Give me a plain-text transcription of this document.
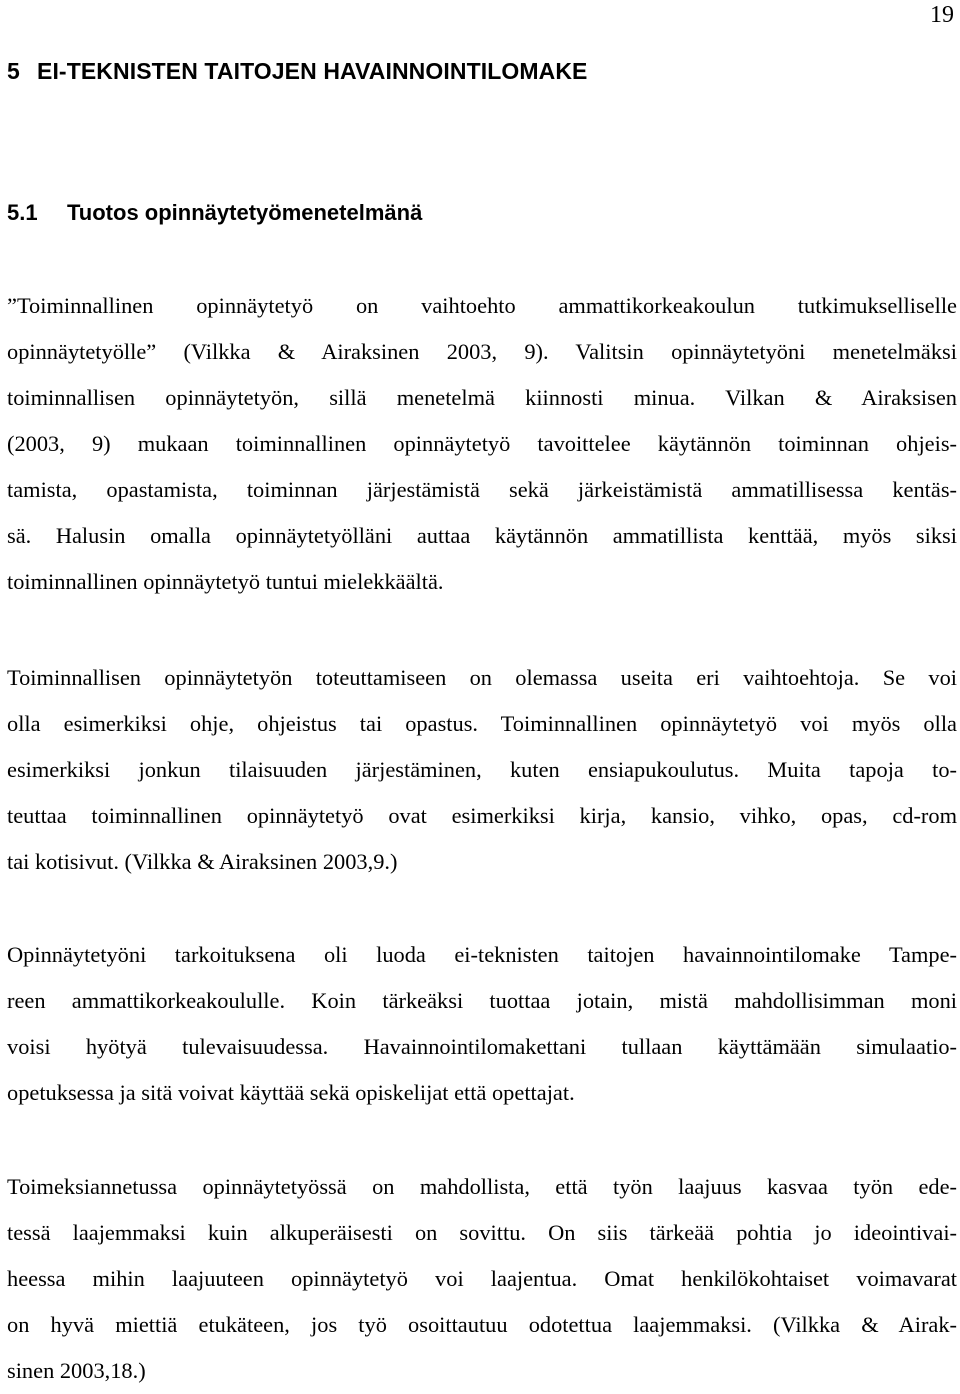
19
5 EI-TEKNISTEN TAITOJEN HAVAINNOINTILOMAKE
5.1 Tuotos opinnäytetyömenetelmänä
”Toiminnallinen opinnäytetyö on vaihtoehto ammattikorkeakoulun tutkimukselliselle
opinnäytetyölle” (Vilkka & Airaksinen 2003, 9). Valitsin opinnäytetyöni menetelmäksi
toiminnallisen opinnäytetyön, sillä menetelmä kiinnosti minua. Vilkan & Airaksisen
(2003, 9) mukaan toiminnallinen opinnäytetyö tavoittelee käytännön toiminnan ohjeis-
tamista, opastamista, toiminnan järjestämistä sekä järkeistämistä ammatillisessa kentäs-
sä. Halusin omalla opinnäytetyölläni auttaa käytännön ammatillista kenttää, myös siksi
toiminnallinen opinnäytetyö tuntui mielekkäältä.
Toiminnallisen opinnäytetyön toteuttamiseen on olemassa useita eri vaihtoehtoja. Se voi
olla esimerkiksi ohje, ohjeistus tai opastus. Toiminnallinen opinnäytetyö voi myös olla
esimerkiksi jonkun tilaisuuden järjestäminen, kuten ensiapukoulutus. Muita tapoja to-
teuttaa toiminnallinen opinnäytetyö ovat esimerkiksi kirja, kansio, vihko, opas, cd-rom
tai kotisivut. (Vilkka & Airaksinen 2003,9.)
Opinnäytetyöni tarkoituksena oli luoda ei-teknisten taitojen havainnointilomake Tampe-
reen ammattikorkeakoululle. Koin tärkeäksi tuottaa jotain, mistä mahdollisimman moni
voisi hyötyä tulevaisuudessa. Havainnointilomakettani tullaan käyttämään simulaatio-
opetuksessa ja sitä voivat käyttää sekä opiskelijat että opettajat.
Toimeksiannetussa opinnäytetyössä on mahdollista, että työn laajuus kasvaa työn ede-
tessä laajemmaksi kuin alkuperäisesti on sovittu. On siis tärkeää pohtia jo ideointivai-
heessa mihin laajuuteen opinnäytetyö voi laajentua. Omat henkilökohtaiset voimavarat
on hyvä miettiä etukäteen, jos työ osoittautuu odotettua laajemmaksi. (Vilkka & Airak-
sinen 2003,18.)
